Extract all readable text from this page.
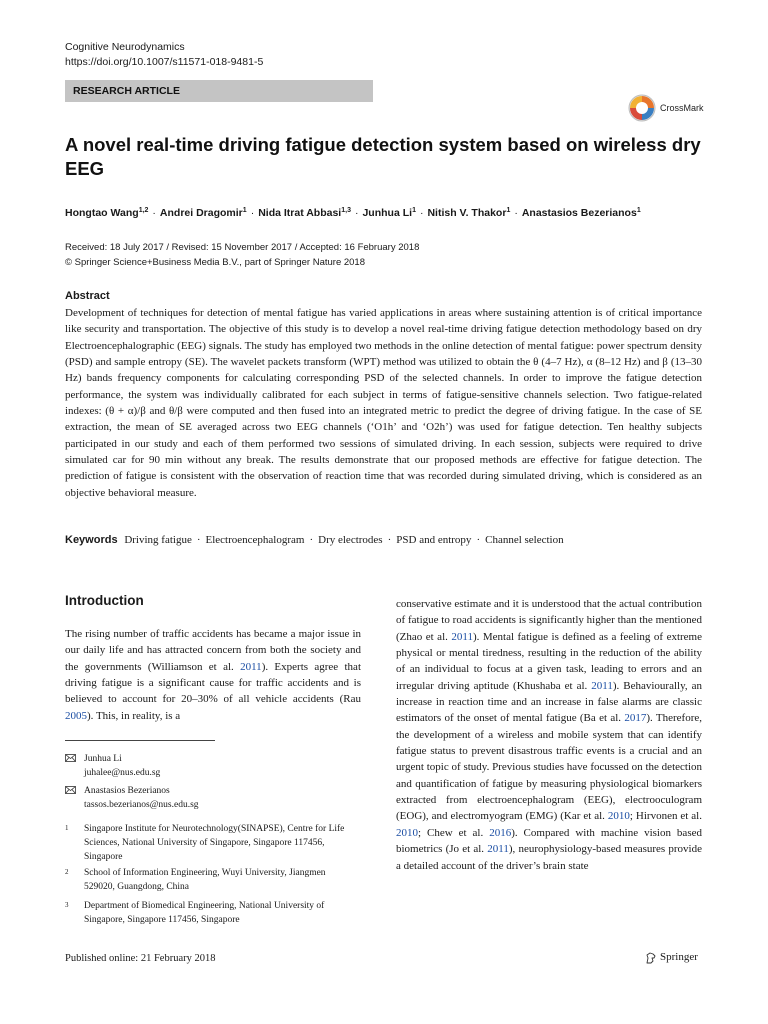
Cognitive Neurodynamics
https://doi.org/10.1007/s11571-018-9481-5
RESEARCH ARTICLE
CrossMark
A novel real-time driving fatigue detection system based on wireless dry EEG
Hongtao Wang$^{1,2}$ · Andrei Dragomir$^1$ · Nida Itrat Abbasi$^{1,3}$ · Junhua $Li^1$ · Nitish V. Thakor$^1$ · Anastasios Bezerianos$^1$
Received: 18 July 2017 / Revised: 15 November 2017 / Accepted: 16 February 2018
© Springer Science+Business Media B.V., part of Springer Nature 2018
Abstract

Development of techniques for detection of mental fatigue has varied applications in areas where sustaining attention is of critical importance like security and transportation. The objective of this study is to develop a novel real-time driving fatigue detection methodology based on dry Electroencephalographic (EEG) signals. The study has employed two methods in the online detection of mental fatigue: power spectrum density (PSD) and sample entropy (SE). The wavelet packets transform (WPT) method was utilized to obtain the θ (4–7 Hz), α (8–12 Hz) and β (13–30 Hz) bands frequency components for calculating corresponding PSD of the selected channels. In order to improve the fatigue detection performance, the system was individually calibrated for each subject in terms of fatigue-sensitive channels selection. Two fatigue-related indexes: (θ + α)/β and θ/β were computed and then fused into an integrated metric to predict the degree of driving fatigue. In the case of SE extraction, the mean of SE averaged across two EEG channels (‘O1h’ and ‘O2h’) was used for fatigue detection. Ten healthy subjects participated in our study and each of them performed two sessions of simulated driving. In each session, subjects were required to drive simulated car for 90 min without any break. The results demonstrate that our proposed methods are effective for fatigue detection. The prediction of fatigue is consistent with the observation of reaction time that was recorded during simulated driving, which is considered as an objective behavioral measure.

Keywords Driving fatigue · Electroencephalogram · Dry electrodes · PSD and entropy · Channel selection
Introduction

The rising number of traffic accidents has became a major issue in our daily life and has attracted concern from both the society and the governments (Williamson et al. 2011). Experts agree that driving fatigue is a significant cause for traffic accidents and is believed to account for 20–30% of all vehicle accidents (Rau 2005). This, in reality, is a

conservative estimate and it is understood that the actual contribution of fatigue to road accidents is significantly higher than the mentioned (Zhao et al. 2011). Mental fatigue is defined as a feeling of extreme physical or mental tiredness, resulting in the reduction of the ability of an individual to focus at a given task, leading to errors and an irregular driving aptitude (Khushaba et al. 2011). Behaviourally, an increase in reaction time and an increase in false alarms are classic estimators of the onset of mental fatigue (Ba et al. 2017). Therefore, the development of a wireless and mobile system that can identify fatigue status to prevent disastrous traffic events is a crucial and an urgent topic of study. Previous studies have focussed on the detection and quantification of fatigue by measuring physiological biomarkers extracted from electroencephalogram (EEG), electrooculogram (EOG), and electromyogram (EMG) (Kar et al. 2010; Hirvonen et al. 2010; Chew et al. 2016). Compared with machine vision based biometrics (Jo et al. 2011), neurophysiology-based measures provide a detailed account of the driver’s brain state

Junhua Li
juhalee@nus.edu.sg
Anastasios Bezerianos
tassos.bezerianos@nus.edu.sg
1 Singapore Institute for Neurotechnology(SINAPSE), Centre for Life Sciences, National University of Singapore, Singapore 117456, Singapore
2 School of Information Engineering, Wuyi University, Jiangmen 529020, Guangdong, China
3 Department of Biomedical Engineering, National University of Singapore, Singapore 117456, Singapore
Published online: 21 February 2018	Springer
